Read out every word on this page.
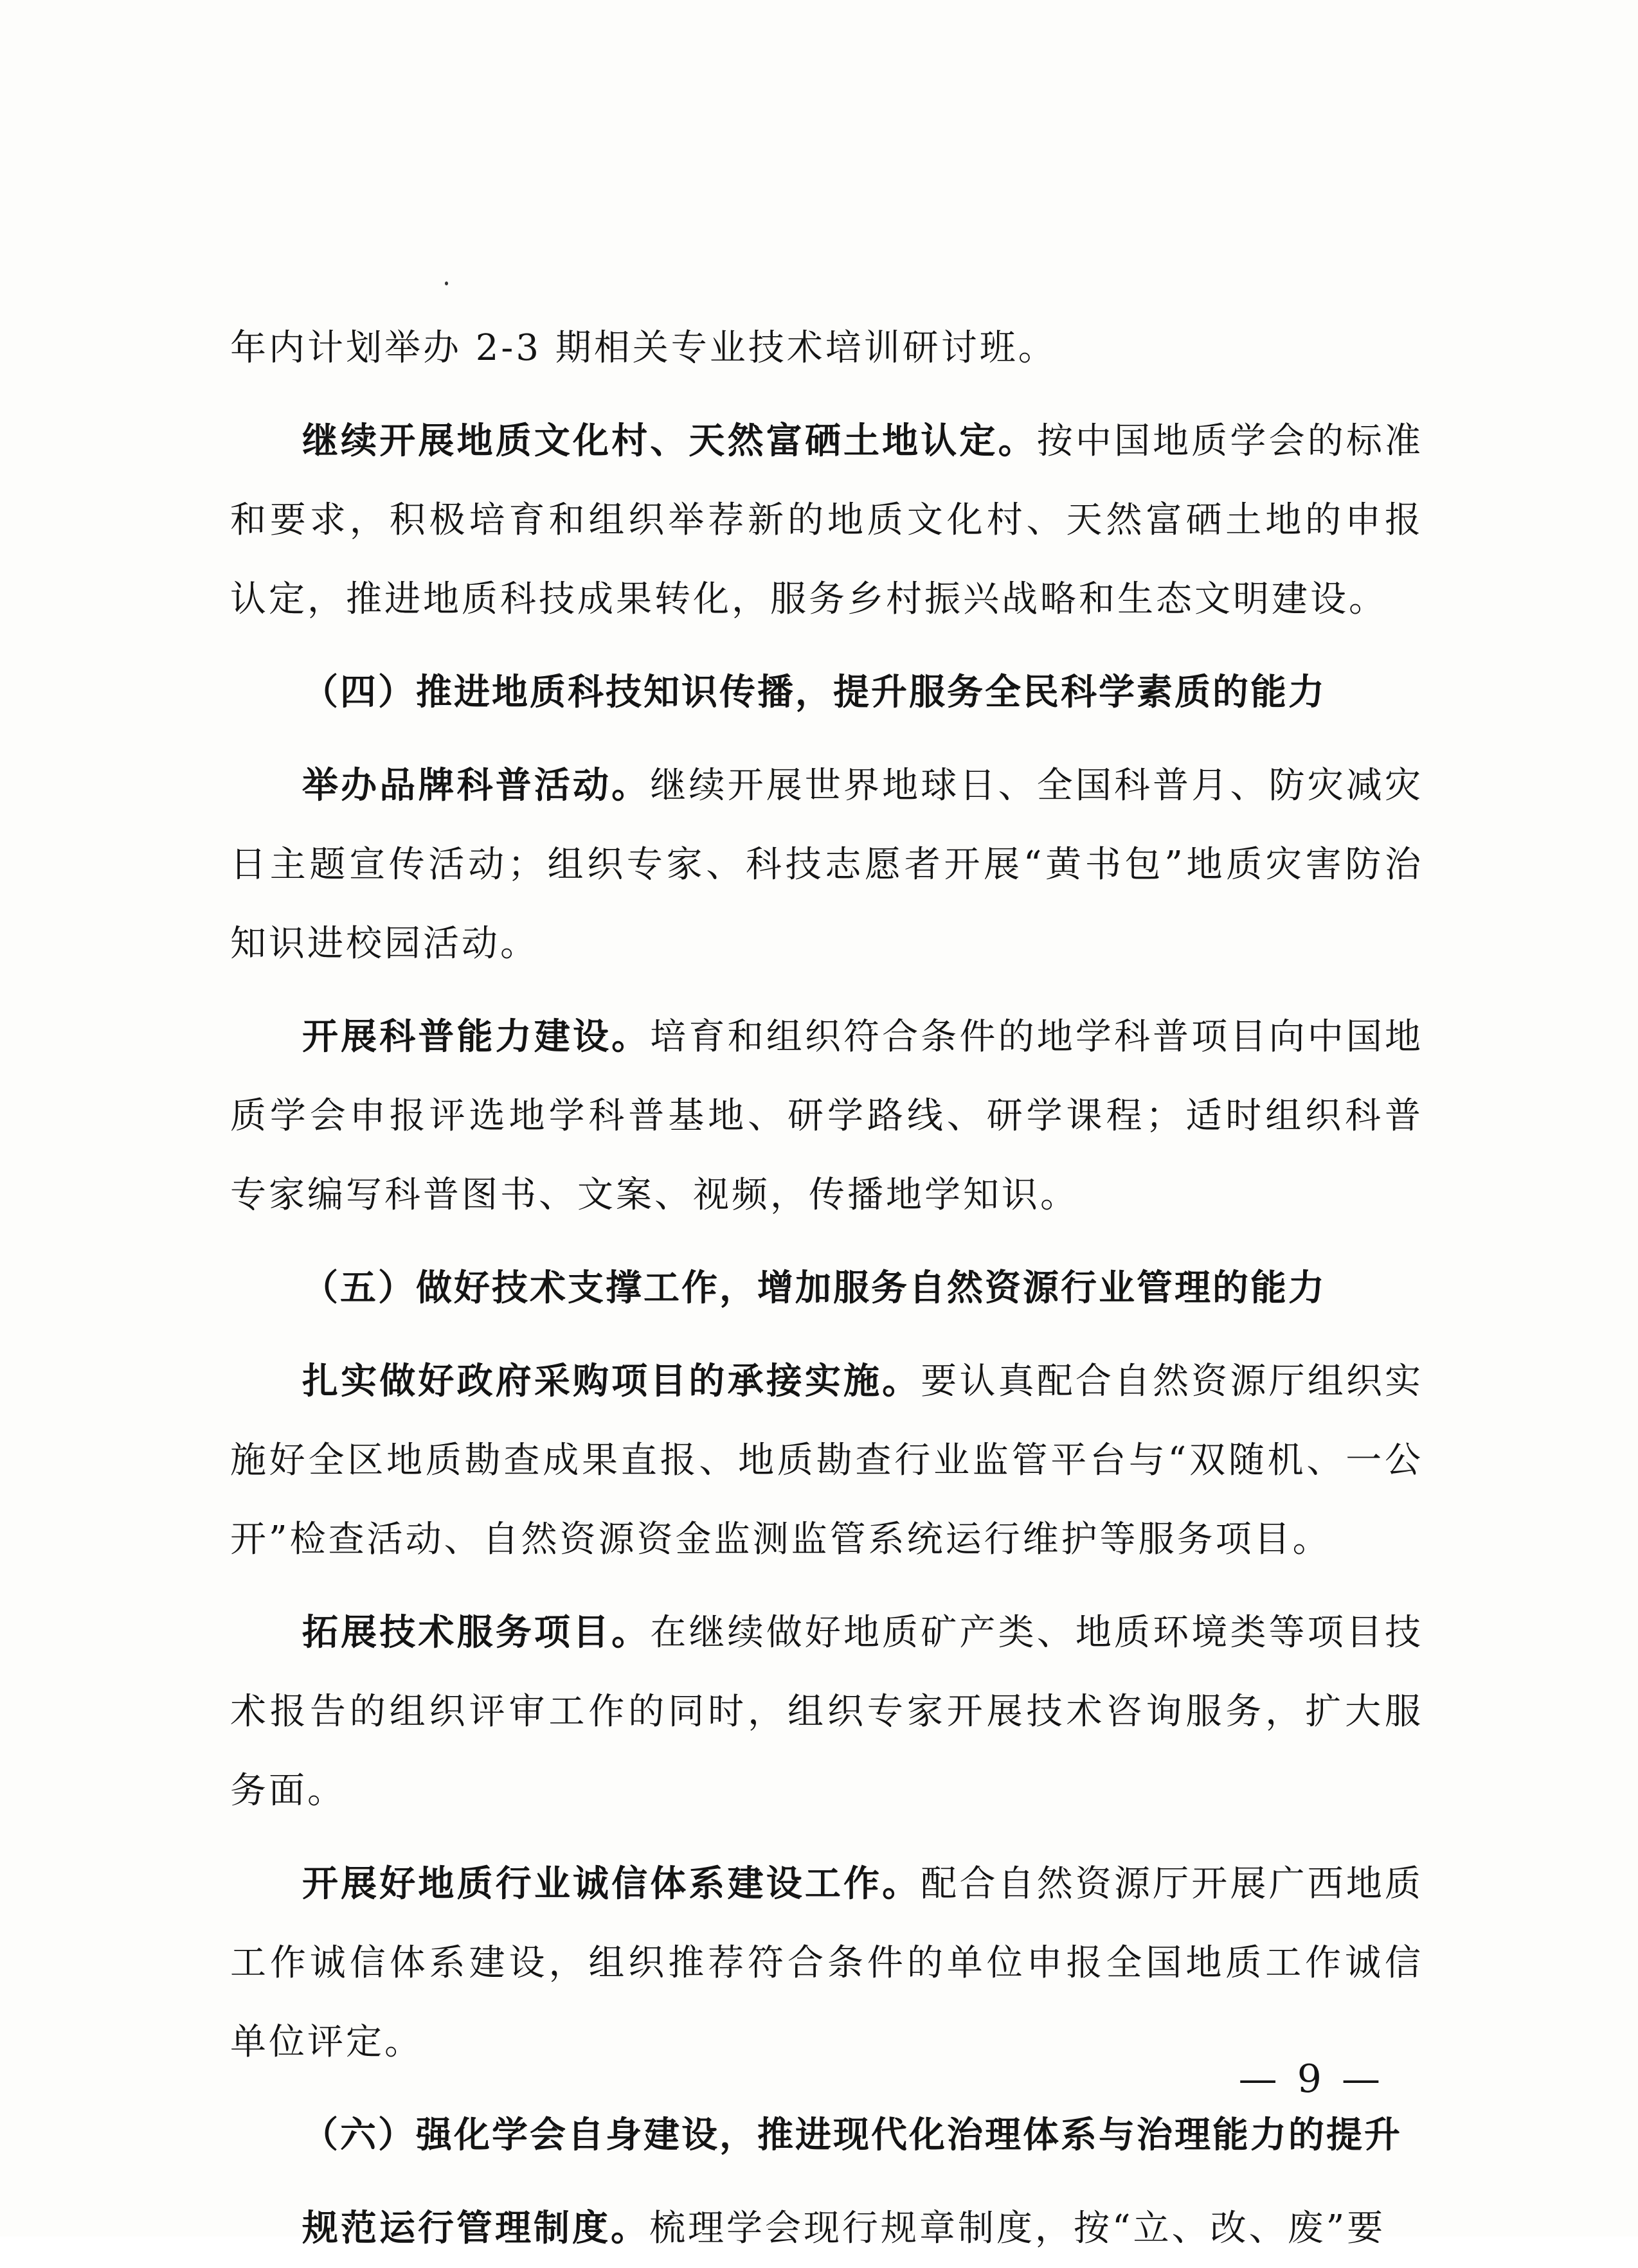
年内计划举办 2-3 期相关专业技术培训研讨班。

继续开展地质文化村、天然富硒土地认定。按中国地质学会的标准和要求，积极培育和组织举荐新的地质文化村、天然富硒土地的申报认定，推进地质科技成果转化，服务乡村振兴战略和生态文明建设。

（四）推进地质科技知识传播，提升服务全民科学素质的能力

举办品牌科普活动。继续开展世界地球日、全国科普月、防灾减灾日主题宣传活动；组织专家、科技志愿者开展“黄书包”地质灾害防治知识进校园活动。

开展科普能力建设。培育和组织符合条件的地学科普项目向中国地质学会申报评选地学科普基地、研学路线、研学课程；适时组织科普专家编写科普图书、文案、视频，传播地学知识。

（五）做好技术支撑工作，增加服务自然资源行业管理的能力

扎实做好政府采购项目的承接实施。要认真配合自然资源厅组织实施好全区地质勘查成果直报、地质勘查行业监管平台与“双随机、一公开”检查活动、自然资源资金监测监管系统运行维护等服务项目。

拓展技术服务项目。在继续做好地质矿产类、地质环境类等项目技术报告的组织评审工作的同时，组织专家开展技术咨询服务，扩大服务面。

开展好地质行业诚信体系建设工作。配合自然资源厅开展广西地质工作诚信体系建设，组织推荐符合条件的单位申报全国地质工作诚信单位评定。

（六）强化学会自身建设，推进现代化治理体系与治理能力的提升

规范运行管理制度。梳理学会现行规章制度，按“立、改、废”要

— 9 —
